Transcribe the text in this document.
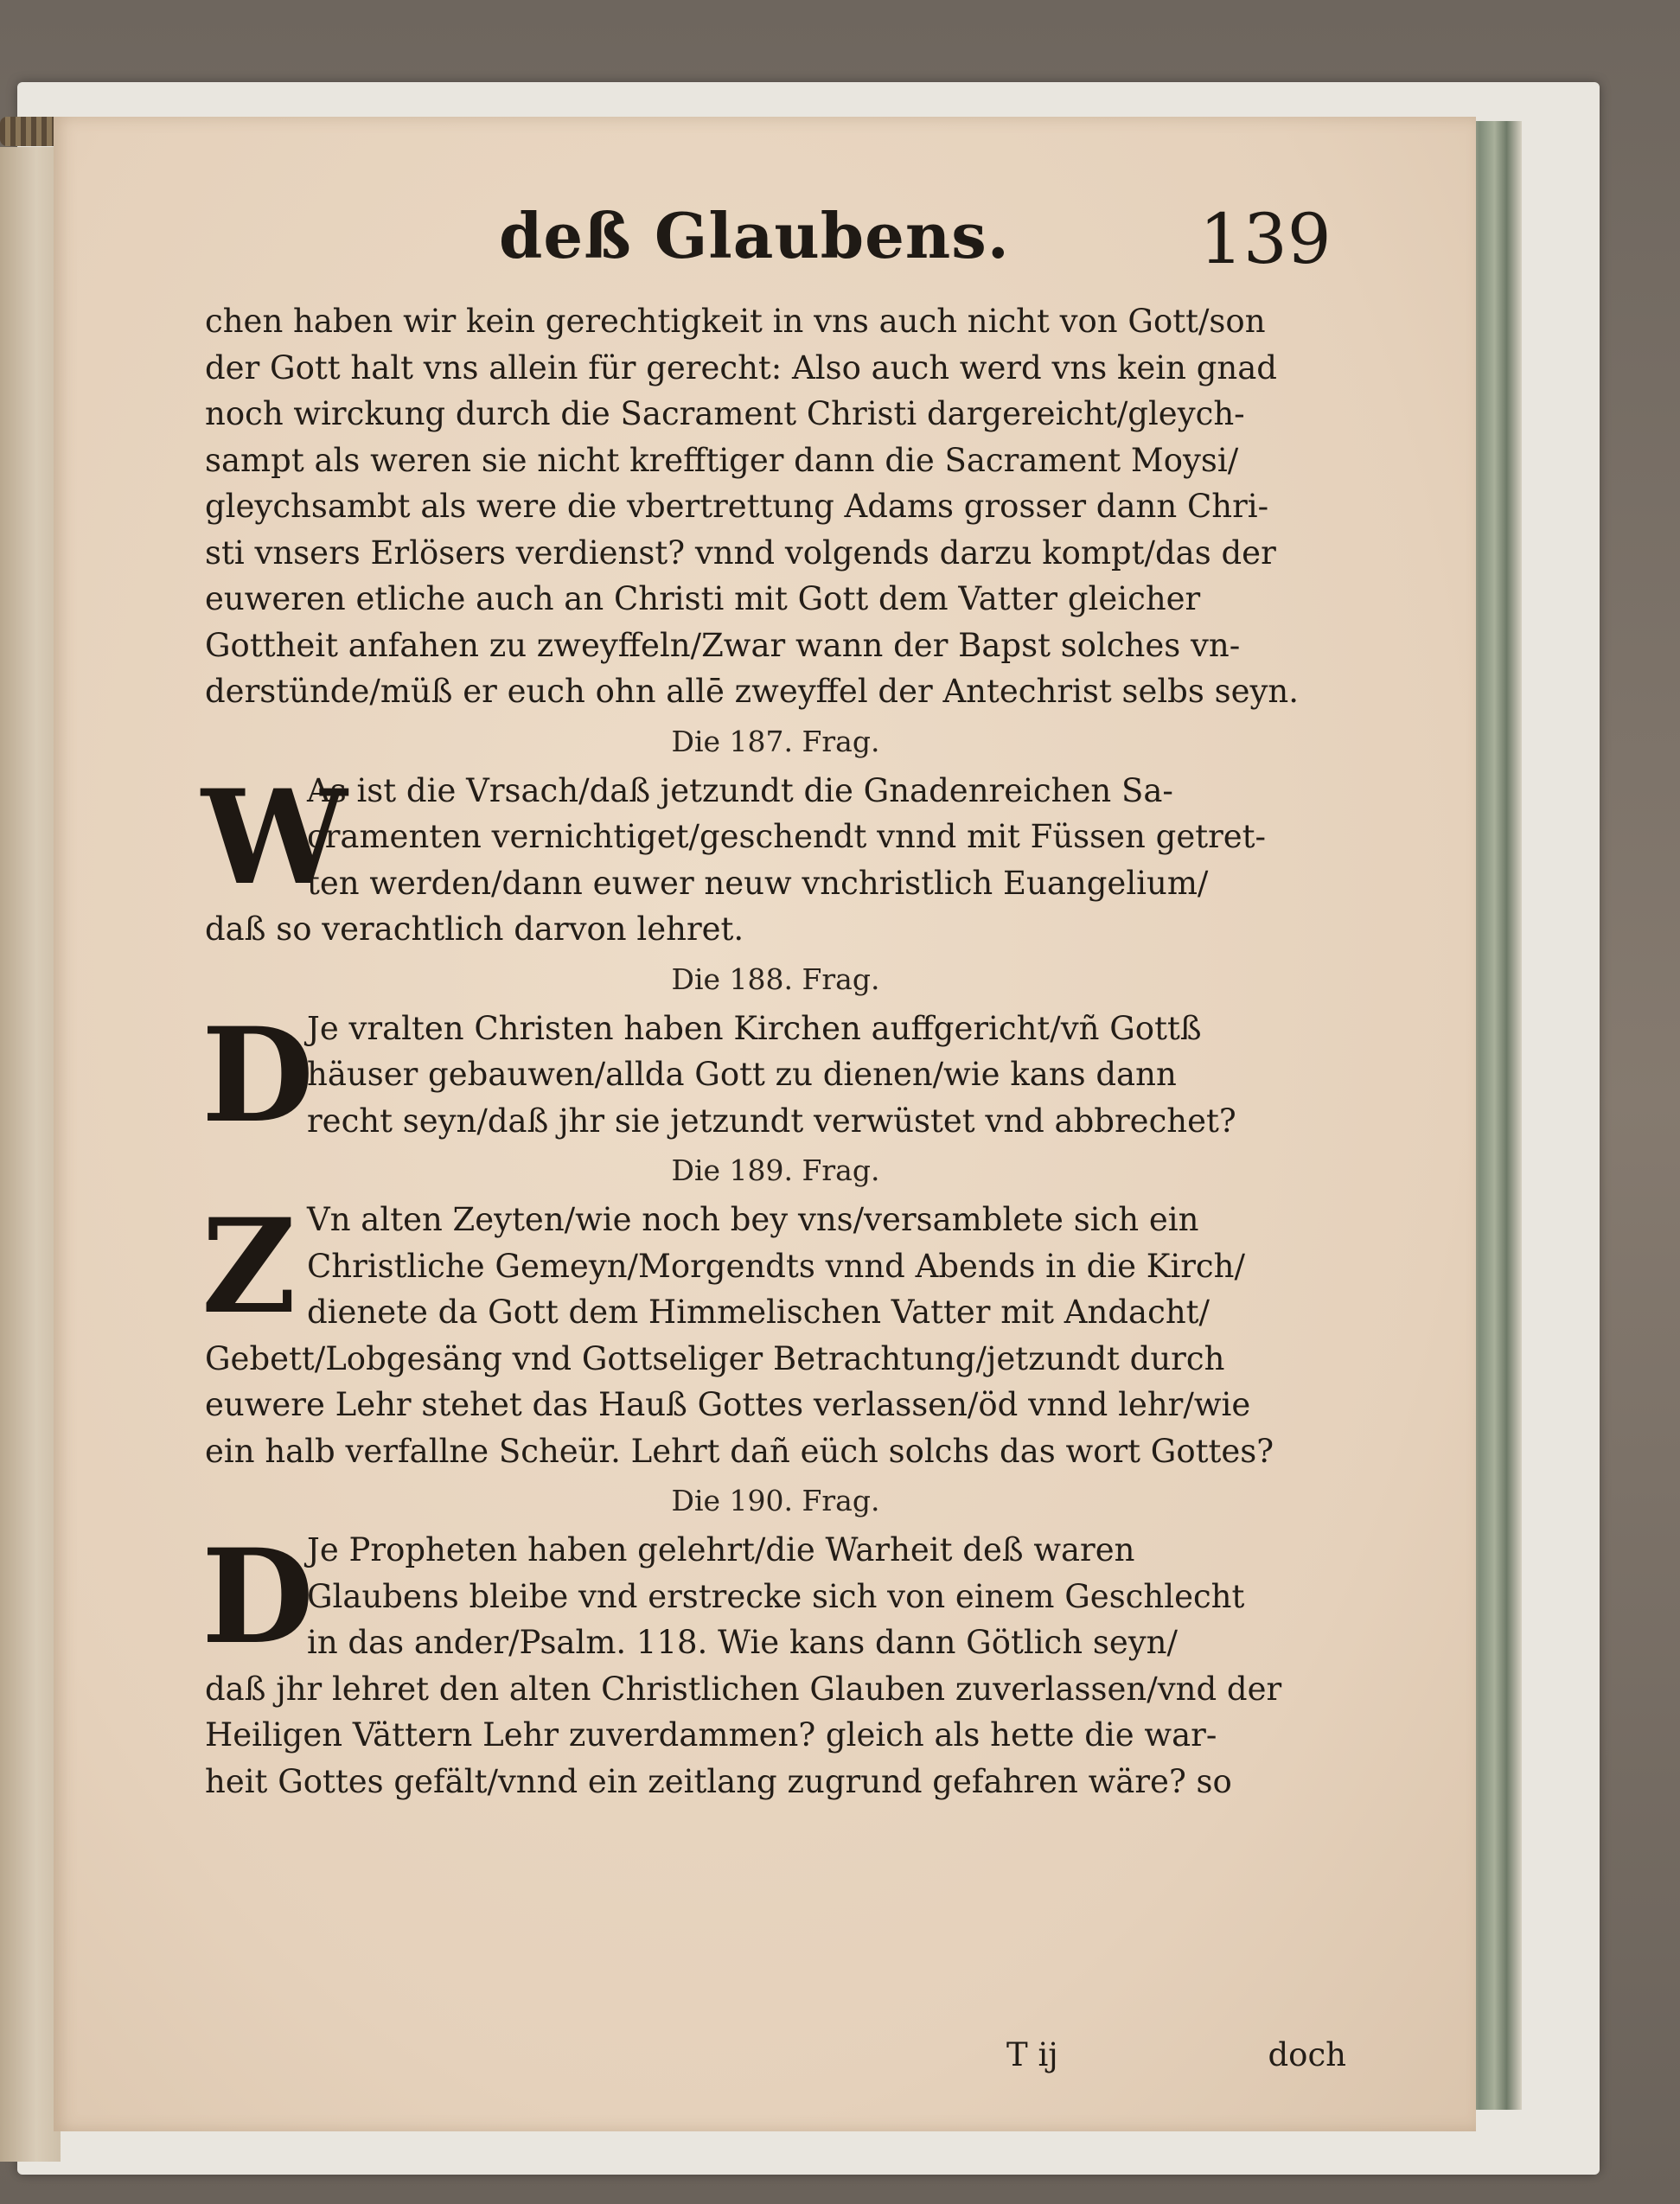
deß Glaubens.	139
chen haben wir kein gerechtigkeit in vns auch nicht von Gott/son
der Gott halt vns allein für gerecht: Also auch werd vns kein gnad
noch wirckung durch die Sacrament Christi dargereicht/gleych-
sampt als weren sie nicht krefftiger dann die Sacrament Moysi/
gleychsambt als were die vbertrettung Adams grosser dann Chri-
sti vnsers Erlösers verdienst? vnnd volgends darzu kompt/das der
euweren etliche auch an Christi mit Gott dem Vatter gleicher
Gottheit anfahen zu zweyffeln/Zwar wann der Bapst solches vn-
derstünde/müß er euch ohn allē zweyffel der Antechrist selbs seyn.
Die 187. Frag.
W
As ist die Vrsach/daß jetzundt die Gnadenreichen Sa-
cramenten vernichtiget/geschendt vnnd mit Füssen getret-
ten werden/dann euwer neuw vnchristlich Euangelium/
daß so verachtlich darvon lehret.
Die 188. Frag.
D
Je vralten Christen haben Kirchen auffgericht/vñ Gottß
häuser gebauwen/allda Gott zu dienen/wie kans dann
recht seyn/daß jhr sie jetzundt verwüstet vnd abbrechet?
Die 189. Frag.
Z Vn alten Zeyten/wie noch bey vns/versamblete sich ein
Christliche Gemeyn/Morgendts vnnd Abends in die Kirch/
dienete da Gott dem Himmelischen Vatter mit Andacht/
Gebett/Lobgesäng vnd Gottseliger Betrachtung/jetzundt durch
euwere Lehr stehet das Hauß Gottes verlassen/öd vnnd lehr/wie
ein halb verfallne Scheür. Lehrt dañ eüch solchs das wort Gottes?
Die 190. Frag.
D
Je Propheten haben gelehrt/die Warheit deß waren
Glaubens bleibe vnd erstrecke sich von einem Geschlecht
in das ander/Psalm. 118. Wie kans dann Götlich seyn/
daß jhr lehret den alten Christlichen Glauben zuverlassen/vnd der
Heiligen Vättern Lehr zuverdammen? gleich als hette die war-
heit Gottes gefält/vnnd ein zeitlang zugrund gefahren wäre? so
T ij	doch
